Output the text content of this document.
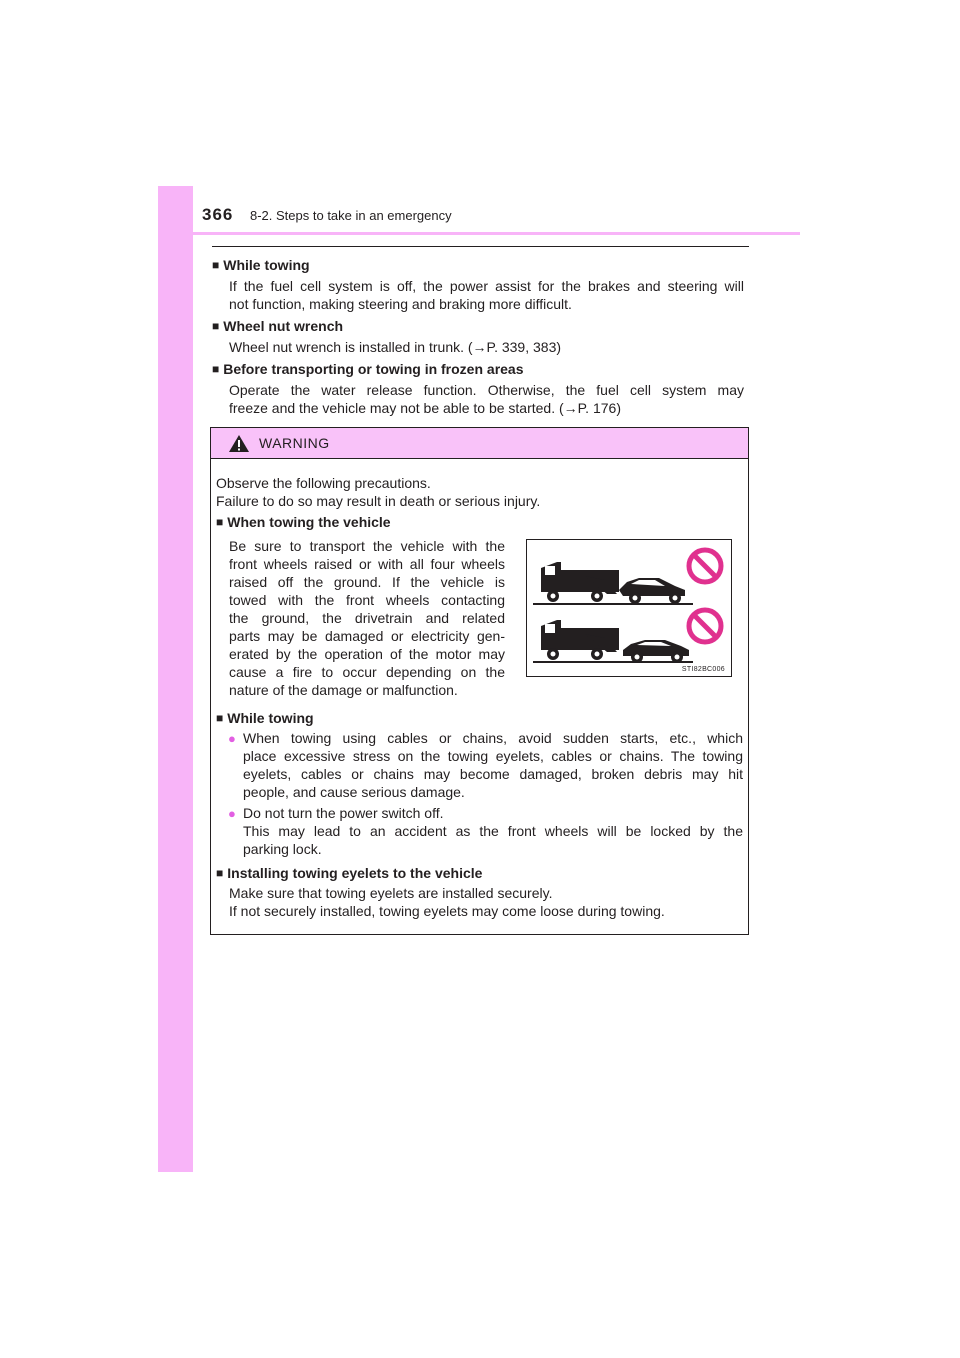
366 8-2. Steps to take in an emergency
■ While towing
If the fuel cell system is off, the power assist for the brakes and steering will
not function, making steering and braking more difficult.
■ Wheel nut wrench
Wheel nut wrench is installed in trunk. (→P. 339, 383)
■ Before transporting or towing in frozen areas
Operate the water release function. Otherwise, the fuel cell system may
freeze and the vehicle may not be able to be started. (→P. 176)
WARNING
Observe the following precautions.
Failure to do so may result in death or serious injury.
■ When towing the vehicle
Be sure to transport the vehicle with the
front wheels raised or with all four wheels
raised off the ground. If the vehicle is
towed with the front wheels contacting
the ground, the drivetrain and related
parts may be damaged or electricity gen-
erated by the operation of the motor may
cause a fire to occur depending on the
nature of the damage or malfunction.
STI82BC006
■ While towing
● When towing using cables or chains, avoid sudden starts, etc., which
place excessive stress on the towing eyelets, cables or chains. The towing
eyelets, cables or chains may become damaged, broken debris may hit
people, and cause serious damage.
● Do not turn the power switch off.
This may lead to an accident as the front wheels will be locked by the
parking lock.
■ Installing towing eyelets to the vehicle
Make sure that towing eyelets are installed securely.
If not securely installed, towing eyelets may come loose during towing.
